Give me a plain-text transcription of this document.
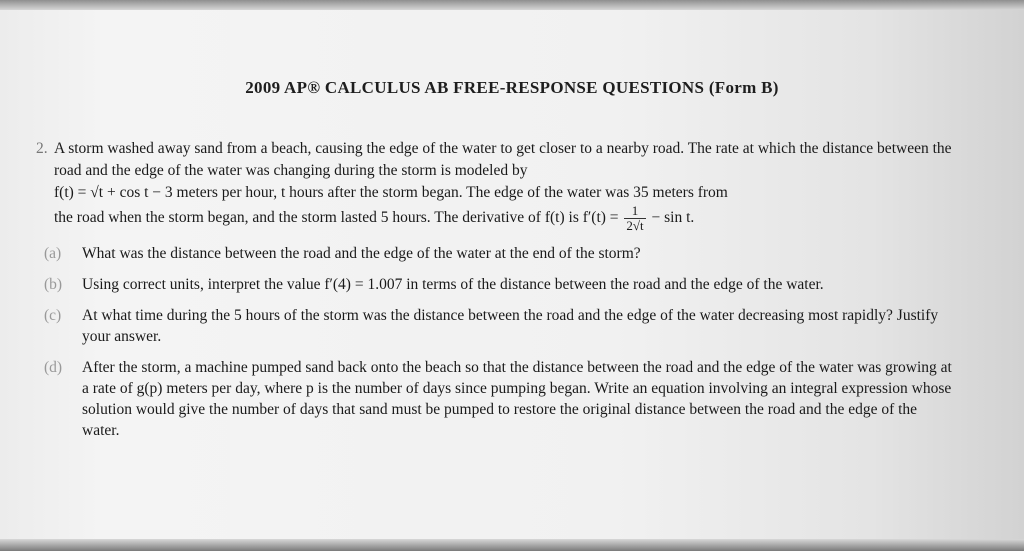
2009 AP® CALCULUS AB FREE-RESPONSE QUESTIONS (Form B)
2. A storm washed away sand from a beach, causing the edge of the water to get closer to a nearby road. The rate at which the distance between the road and the edge of the water was changing during the storm is modeled by

f(t) = √t + cos t − 3 meters per hour, t hours after the storm began. The edge of the water was 35 meters from

the road when the storm began, and the storm lasted 5 hours. The derivative of f(t) is $f'(t) = \frac{1}{2√t} - \sin t$.

(a) What was the distance between the road and the edge of the water at the end of the storm?

(b) Using correct units, interpret the value f′(4) = 1.007 in terms of the distance between the road and the edge of the water.

(c) At what time during the 5 hours of the storm was the distance between the road and the edge of the water decreasing most rapidly? Justify your answer.

(d) After the storm, a machine pumped sand back onto the beach so that the distance between the road and the edge of the water was growing at a rate of g(p) meters per day, where p is the number of days since pumping began. Write an equation involving an integral expression whose solution would give the number of days that sand must be pumped to restore the original distance between the road and the edge of the water.
